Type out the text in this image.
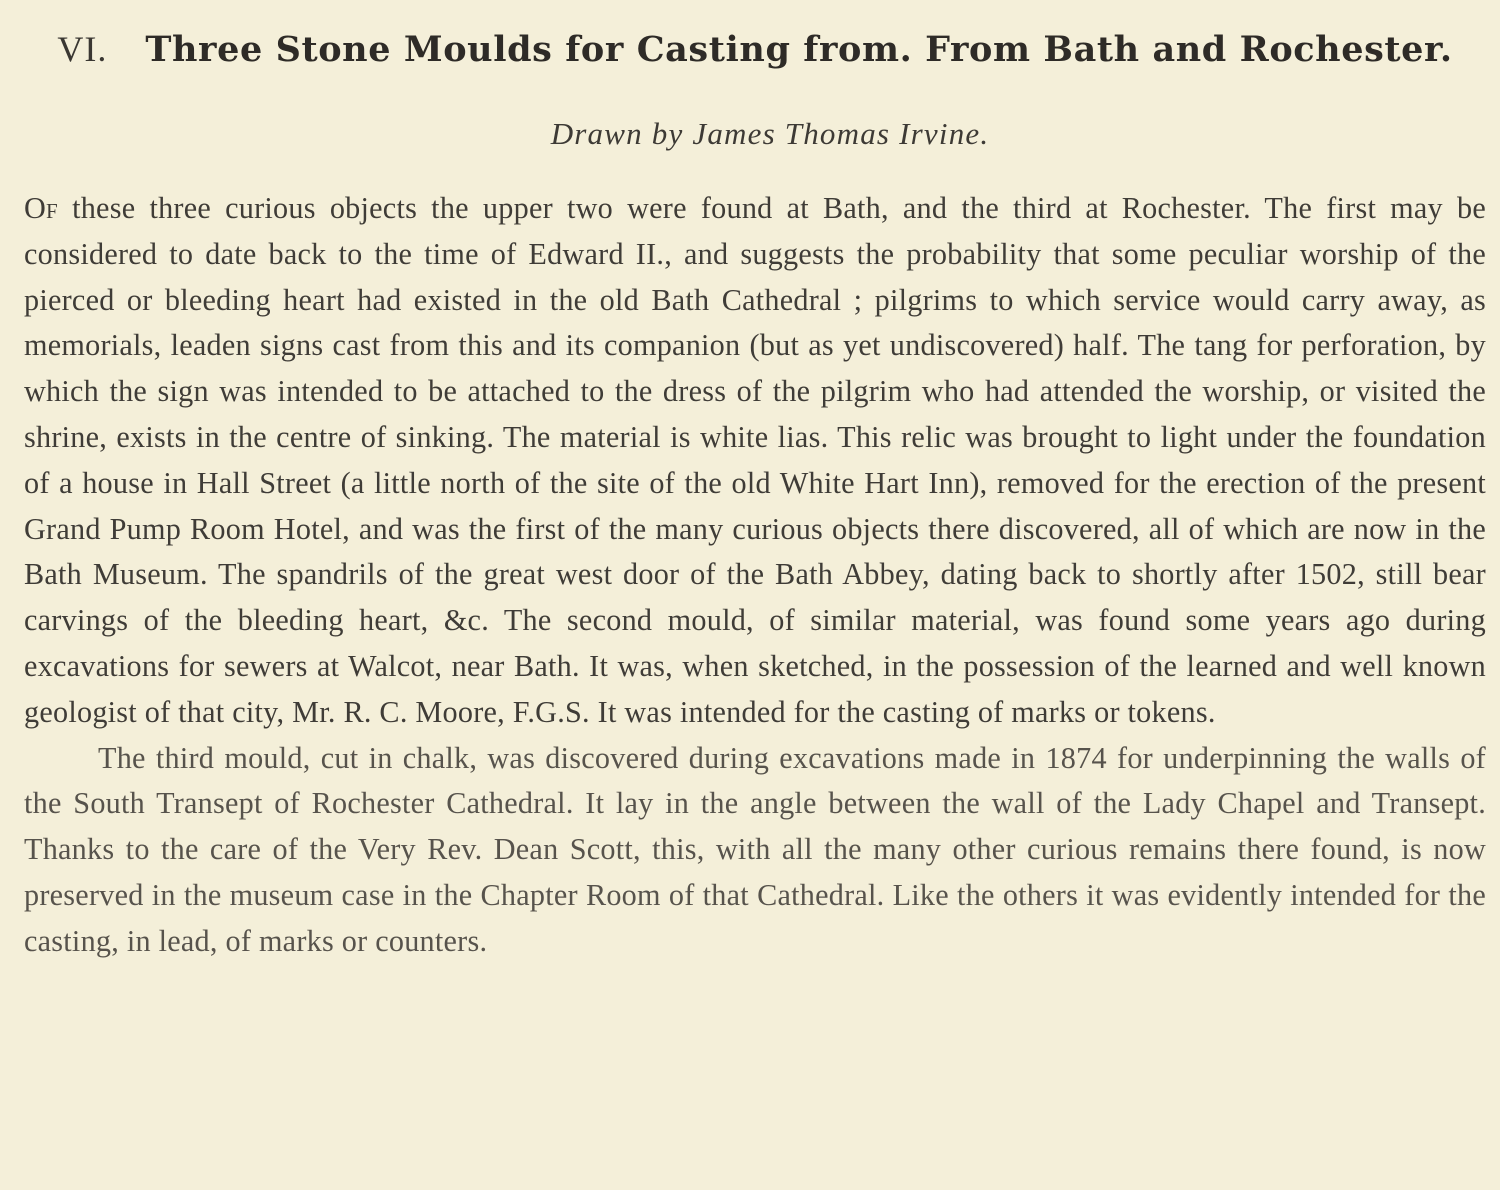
VI. Three Stone Moulds for Casting from. From Bath and Rochester.
Drawn by James Thomas Irvine.

Of these three curious objects the upper two were found at Bath, and the third at Rochester. The first may be considered to date back to the time of Edward II., and suggests the probability that some peculiar worship of the pierced or bleeding heart had existed in the old Bath Cathedral ; pilgrims to which service would carry away, as memorials, leaden signs cast from this and its companion (but as yet undiscovered) half. The tang for perforation, by which the sign was intended to be attached to the dress of the pilgrim who had attended the worship, or visited the shrine, exists in the centre of sinking. The material is white lias. This relic was brought to light under the foundation of a house in Hall Street (a little north of the site of the old White Hart Inn), removed for the erection of the present Grand Pump Room Hotel, and was the first of the many curious objects there discovered, all of which are now in the Bath Museum. The spandrils of the great west door of the Bath Abbey, dating back to shortly after 1502, still bear carvings of the bleeding heart, &c. The second mould, of similar material, was found some years ago during excavations for sewers at Walcot, near Bath. It was, when sketched, in the possession of the learned and well known geologist of that city, Mr. R. C. Moore, F.G.S. It was intended for the casting of marks or tokens.

The third mould, cut in chalk, was discovered during excavations made in 1874 for underpinning the walls of the South Transept of Rochester Cathedral. It lay in the angle between the wall of the Lady Chapel and Transept. Thanks to the care of the Very Rev. Dean Scott, this, with all the many other curious remains there found, is now preserved in the museum case in the Chapter Room of that Cathedral. Like the others it was evidently intended for the casting, in lead, of marks or counters.
